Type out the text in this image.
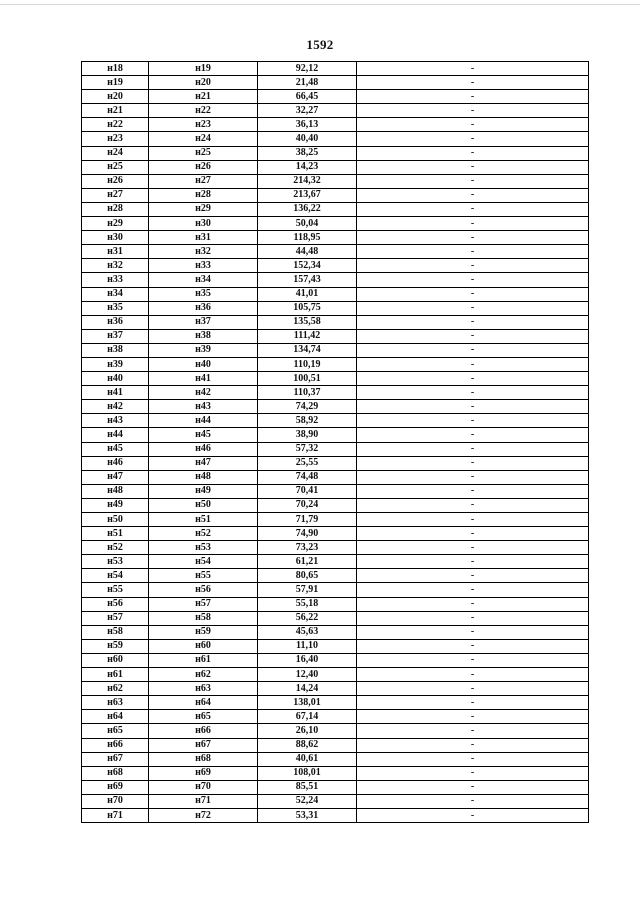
1592
н18	н19	92,12	-
н19	н20	21,48	-
н20	н21	66,45	-
н21	н22	32,27	-
н22	н23	36,13	-
н23	н24	40,40	-
н24	н25	38,25	-
н25	н26	14,23	-
н26	н27	214,32	-
н27	н28	213,67	-
н28	н29	136,22	-
н29	н30	50,04	-
н30	н31	118,95	-
н31	н32	44,48	-
н32	н33	152,34	-
н33	н34	157,43	-
н34	н35	41,01	-
н35	н36	105,75	-
н36	н37	135,58	-
н37	н38	111,42	-
н38	н39	134,74	-
н39	н40	110,19	-
н40	н41	100,51	-
н41	н42	110,37	-
н42	н43	74,29	-
н43	н44	58,92	-
н44	н45	38,90	-
н45	н46	57,32	-
н46	н47	25,55	-
н47	н48	74,48	-
н48	н49	70,41	-
н49	н50	70,24	-
н50	н51	71,79	-
н51	н52	74,90	-
н52	н53	73,23	-
н53	н54	61,21	-
н54	н55	80,65	-
н55	н56	57,91	-
н56	н57	55,18	-
н57	н58	56,22	-
н58	н59	45,63	-
н59	н60	11,10	-
н60	н61	16,40	-
н61	н62	12,40	-
н62	н63	14,24	-
н63	н64	138,01	-
н64	н65	67,14	-
н65	н66	26,10	-
н66	н67	88,62	-
н67	н68	40,61	-
н68	н69	108,01	-
н69	н70	85,51	-
н70	н71	52,24	-
н71	н72	53,31	-
